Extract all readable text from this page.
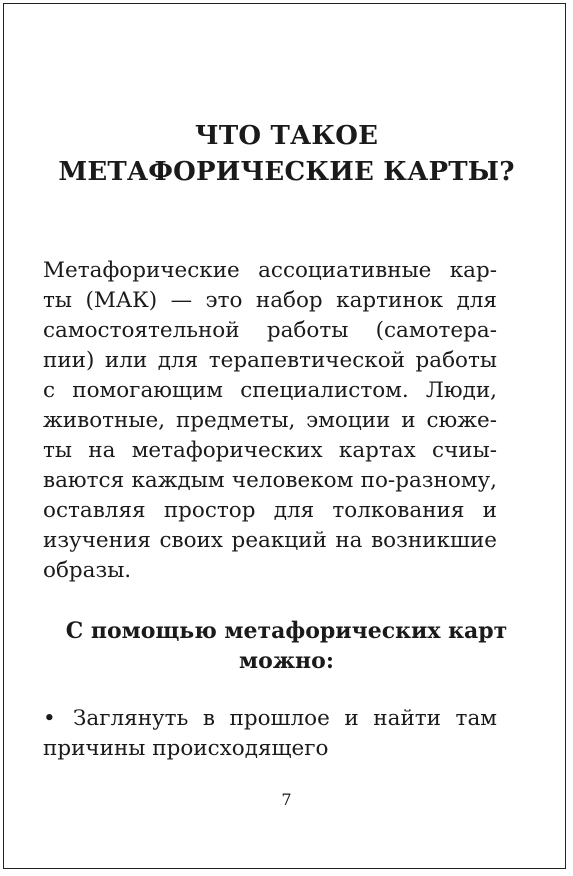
ЧТО ТАКОЕ
МЕТАФОРИЧЕСКИЕ КАРТЫ?

Метафорические ассоциативные кар-
ты (МАК) — это набор картинок для
самостоятельной работы (самотера-
пии) или для терапевтической работы
с помогающим специалистом. Люди,
животные, предметы, эмоции и сюже-
ты на метафорических картах счиы-
ваются каждым человеком по-разному,
оставляя простор для толкования и
изучения своих реакций на возникшие
образы.

С помощью метафорических карт
можно:
• Заглянуть в прошлое и найти там
причины происходящего
7
